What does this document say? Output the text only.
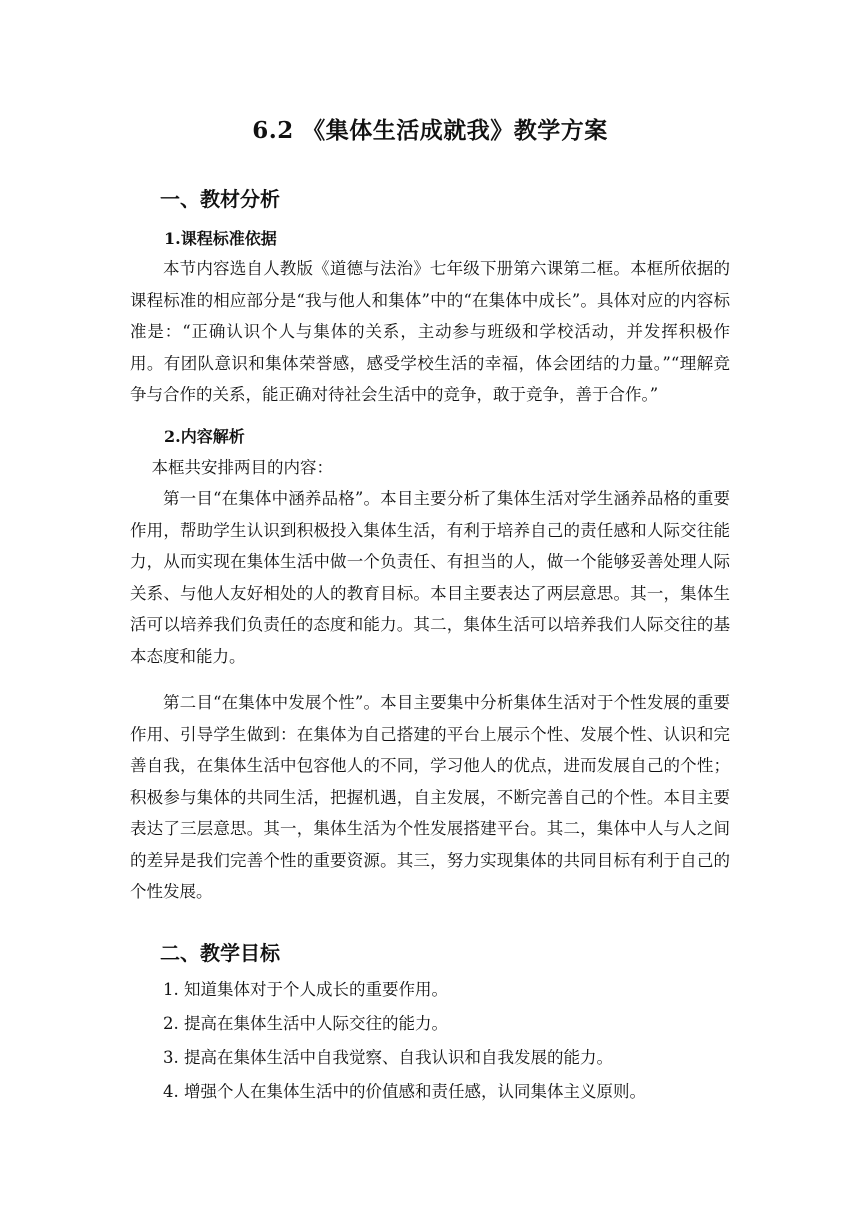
6.2 《集体生活成就我》教学方案
一、教材分析
1.课程标准依据

本节内容选自人教版《道德与法治》七年级下册第六课第二框。本框所依据的课程标准的相应部分是“我与他人和集体”中的“在集体中成长”。具体对应的内容标准是：“正确认识个人与集体的关系，主动参与班级和学校活动，并发挥积极作用。有团队意识和集体荣誉感，感受学校生活的幸福，体会团结的力量。”“理解竞争与合作的关系，能正确对待社会生活中的竞争，敢于竞争，善于合作。”

2.内容解析

本框共安排两目的内容：

第一目“在集体中涵养品格”。本目主要分析了集体生活对学生涵养品格的重要作用，帮助学生认识到积极投入集体生活，有利于培养自己的责任感和人际交往能力，从而实现在集体生活中做一个负责任、有担当的人，做一个能够妥善处理人际关系、与他人友好相处的人的教育目标。本目主要表达了两层意思。其一，集体生活可以培养我们负责任的态度和能力。其二，集体生活可以培养我们人际交往的基本态度和能力。

第二目“在集体中发展个性”。本目主要集中分析集体生活对于个性发展的重要作用、引导学生做到：在集体为自己搭建的平台上展示个性、发展个性、认识和完善自我，在集体生活中包容他人的不同，学习他人的优点，进而发展自己的个性；积极参与集体的共同生活，把握机遇，自主发展，不断完善自己的个性。本目主要表达了三层意思。其一，集体生活为个性发展搭建平台。其二，集体中人与人之间的差异是我们完善个性的重要资源。其三，努力实现集体的共同目标有利于自己的个性发展。

二、教学目标
1. 知道集体对于个人成长的重要作用。
2. 提高在集体生活中人际交往的能力。
3. 提高在集体生活中自我觉察、自我认识和自我发展的能力。
4. 增强个人在集体生活中的价值感和责任感，认同集体主义原则。
